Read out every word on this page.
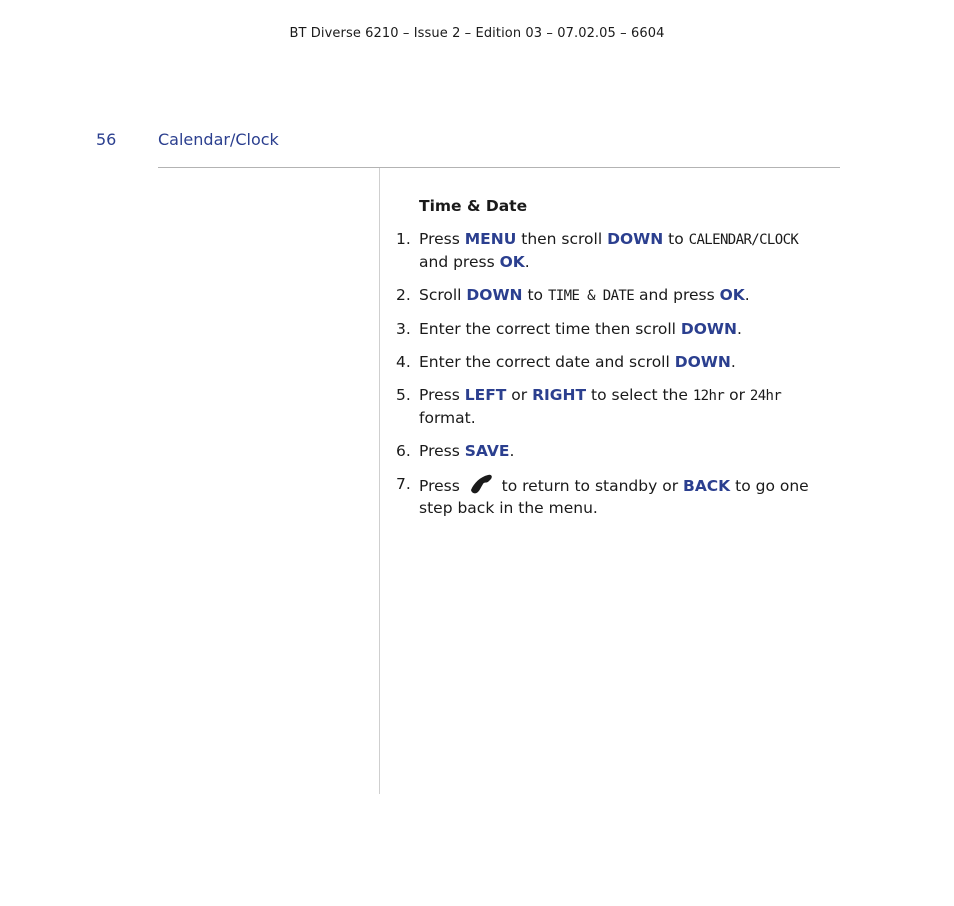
BT Diverse 6210 – Issue 2 – Edition 03 – 07.02.05 – 6604
56	Calendar/Clock
Time & Date
1. Press MENU then scroll DOWN to CALENDAR/CLOCK and press OK.
2. Scroll DOWN to TIME & DATE and press OK.
3. Enter the correct time then scroll DOWN.
4. Enter the correct date and scroll DOWN.
5. Press LEFT or RIGHT to select the 12hr or 24hr format.
6. Press SAVE.
7. Press  to return to standby or BACK to go one step back in the menu.
